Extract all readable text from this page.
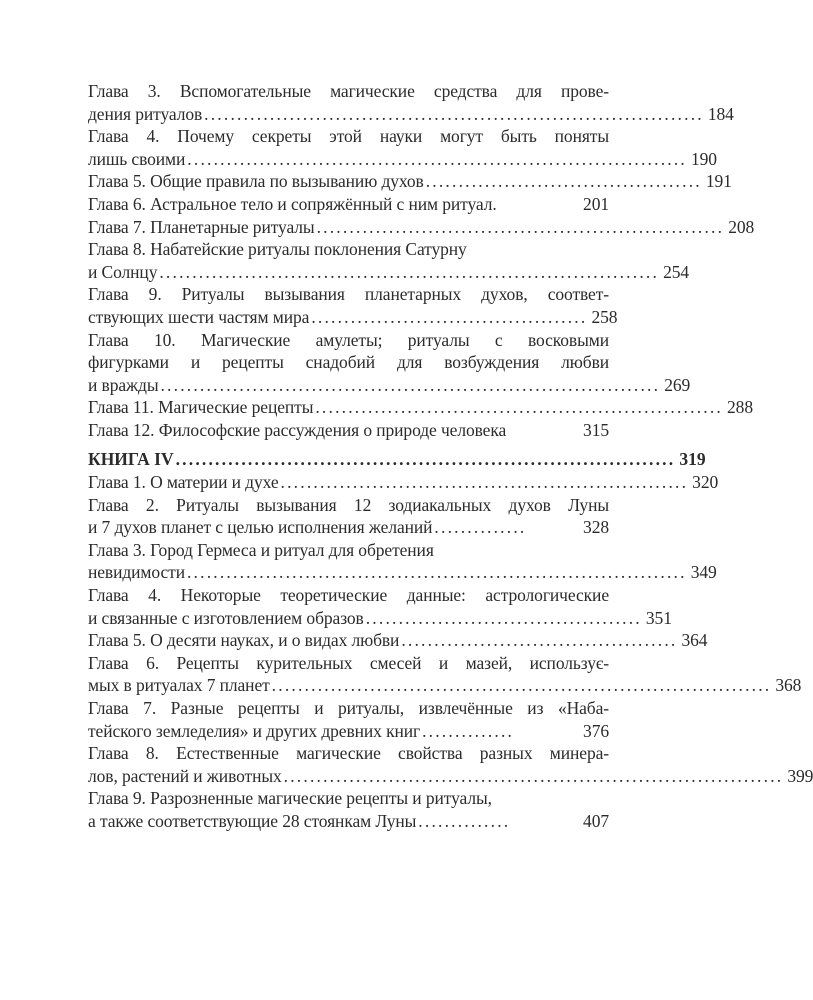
Глава 3. Вспомогательные магические средства для прове-
дения ритуалов ............................................................................ 184
Глава 4. Почему секреты этой науки могут быть поняты
лишь своими ............................................................................ 190
Глава 5. Общие правила по вызыванию духов .......................................... 191
Глава 6. Астральное тело и сопряжённый с ним ритуал.	201
Глава 7. Планетарные ритуалы .............................................................. 208
Глава 8. Набатейские ритуалы поклонения Сатурну
и Солнцу ............................................................................ 254
Глава 9. Ритуалы вызывания планетарных духов, соответ-
ствующих шести частям мира .......................................... 258
Глава 10. Магические амулеты; ритуалы с восковыми
фигурками и рецепты снадобий для возбуждения любви
и вражды ............................................................................ 269
Глава 11. Магические рецепты .............................................................. 288
Глава 12. Философские рассуждения о природе человека	315
КНИГА IV ............................................................................ 319
Глава 1. О материи и духе .............................................................. 320
Глава 2. Ритуалы вызывания 12 зодиакальных духов Луны
и 7 духов планет с целью исполнения желаний ..............	328
Глава 3. Город Гермеса и ритуал для обретения
невидимости ............................................................................ 349
Глава 4. Некоторые теоретические данные: астрологические
и связанные с изготовлением образов .......................................... 351
Глава 5. О десяти науках, и о видах любви .......................................... 364
Глава 6. Рецепты курительных смесей и мазей, использує-
мых в ритуалах 7 планет ............................................................................ 368
Глава 7. Разные рецепты и ритуалы, извлечённые из «Наба-
тейского земледелия» и других древних книг ..............	376
Глава 8. Естественные магические свойства разных минера-
лов, растений и животных ............................................................................ 399
Глава 9. Разрозненные магические рецепты и ритуалы,
а также соответствующие 28 стоянкам Луны ..............	407
